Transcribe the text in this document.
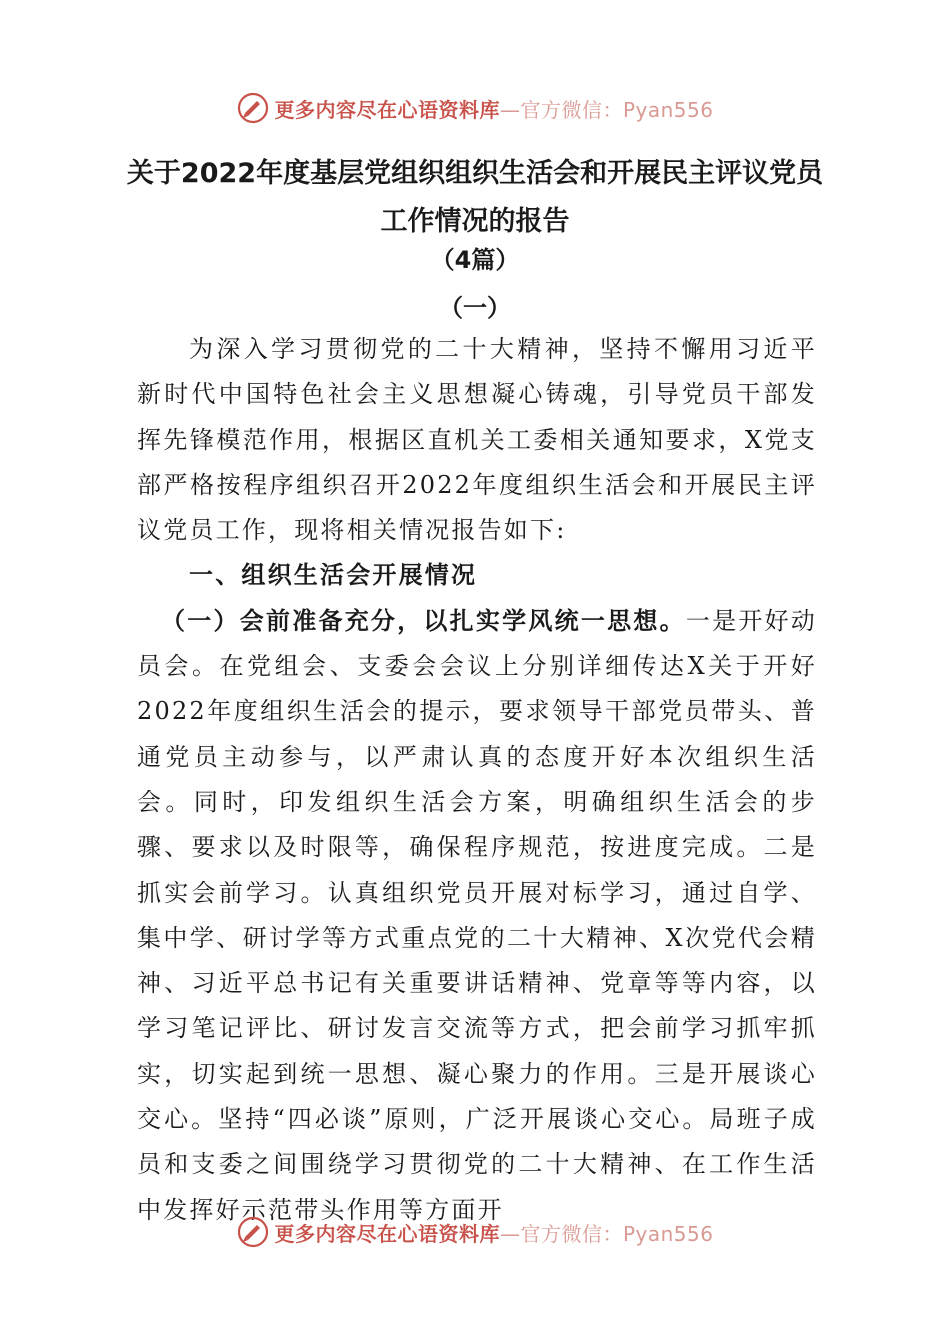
更多内容尽在心语资料库—官方微信：Pyan556
关于2022年度基层党组织组织生活会和开展民主评议党员工作情况的报告
（4篇）
（一）

为深入学习贯彻党的二十大精神，坚持不懈用习近平新时代中国特色社会主义思想凝心铸魂，引导党员干部发挥先锋模范作用，根据区直机关工委相关通知要求，X党支部严格按程序组织召开2022年度组织生活会和开展民主评议党员工作，现将相关情况报告如下:

一、组织生活会开展情况

（一）会前准备充分，以扎实学风统一思想。一是开好动员会。在党组会、支委会会议上分别详细传达X关于开好2022年度组织生活会的提示，要求领导干部党员带头、普通党员主动参与，以严肃认真的态度开好本次组织生活会。同时，印发组织生活会方案，明确组织生活会的步骤、要求以及时限等，确保程序规范，按进度完成。二是抓实会前学习。认真组织党员开展对标学习，通过自学、集中学、研讨学等方式重点党的二十大精神、X次党代会精神、习近平总书记有关重要讲话精神、党章等等内容，以学习笔记评比、研讨发言交流等方式，把会前学习抓牢抓实，切实起到统一思想、凝心聚力的作用。三是开展谈心交心。坚持“四必谈”原则，广泛开展谈心交心。局班子成员和支委之间围绕学习贯彻党的二十大精神、在工作生活中发挥好示范带头作用等方面开

更多内容尽在心语资料库—官方微信：Pyan556
